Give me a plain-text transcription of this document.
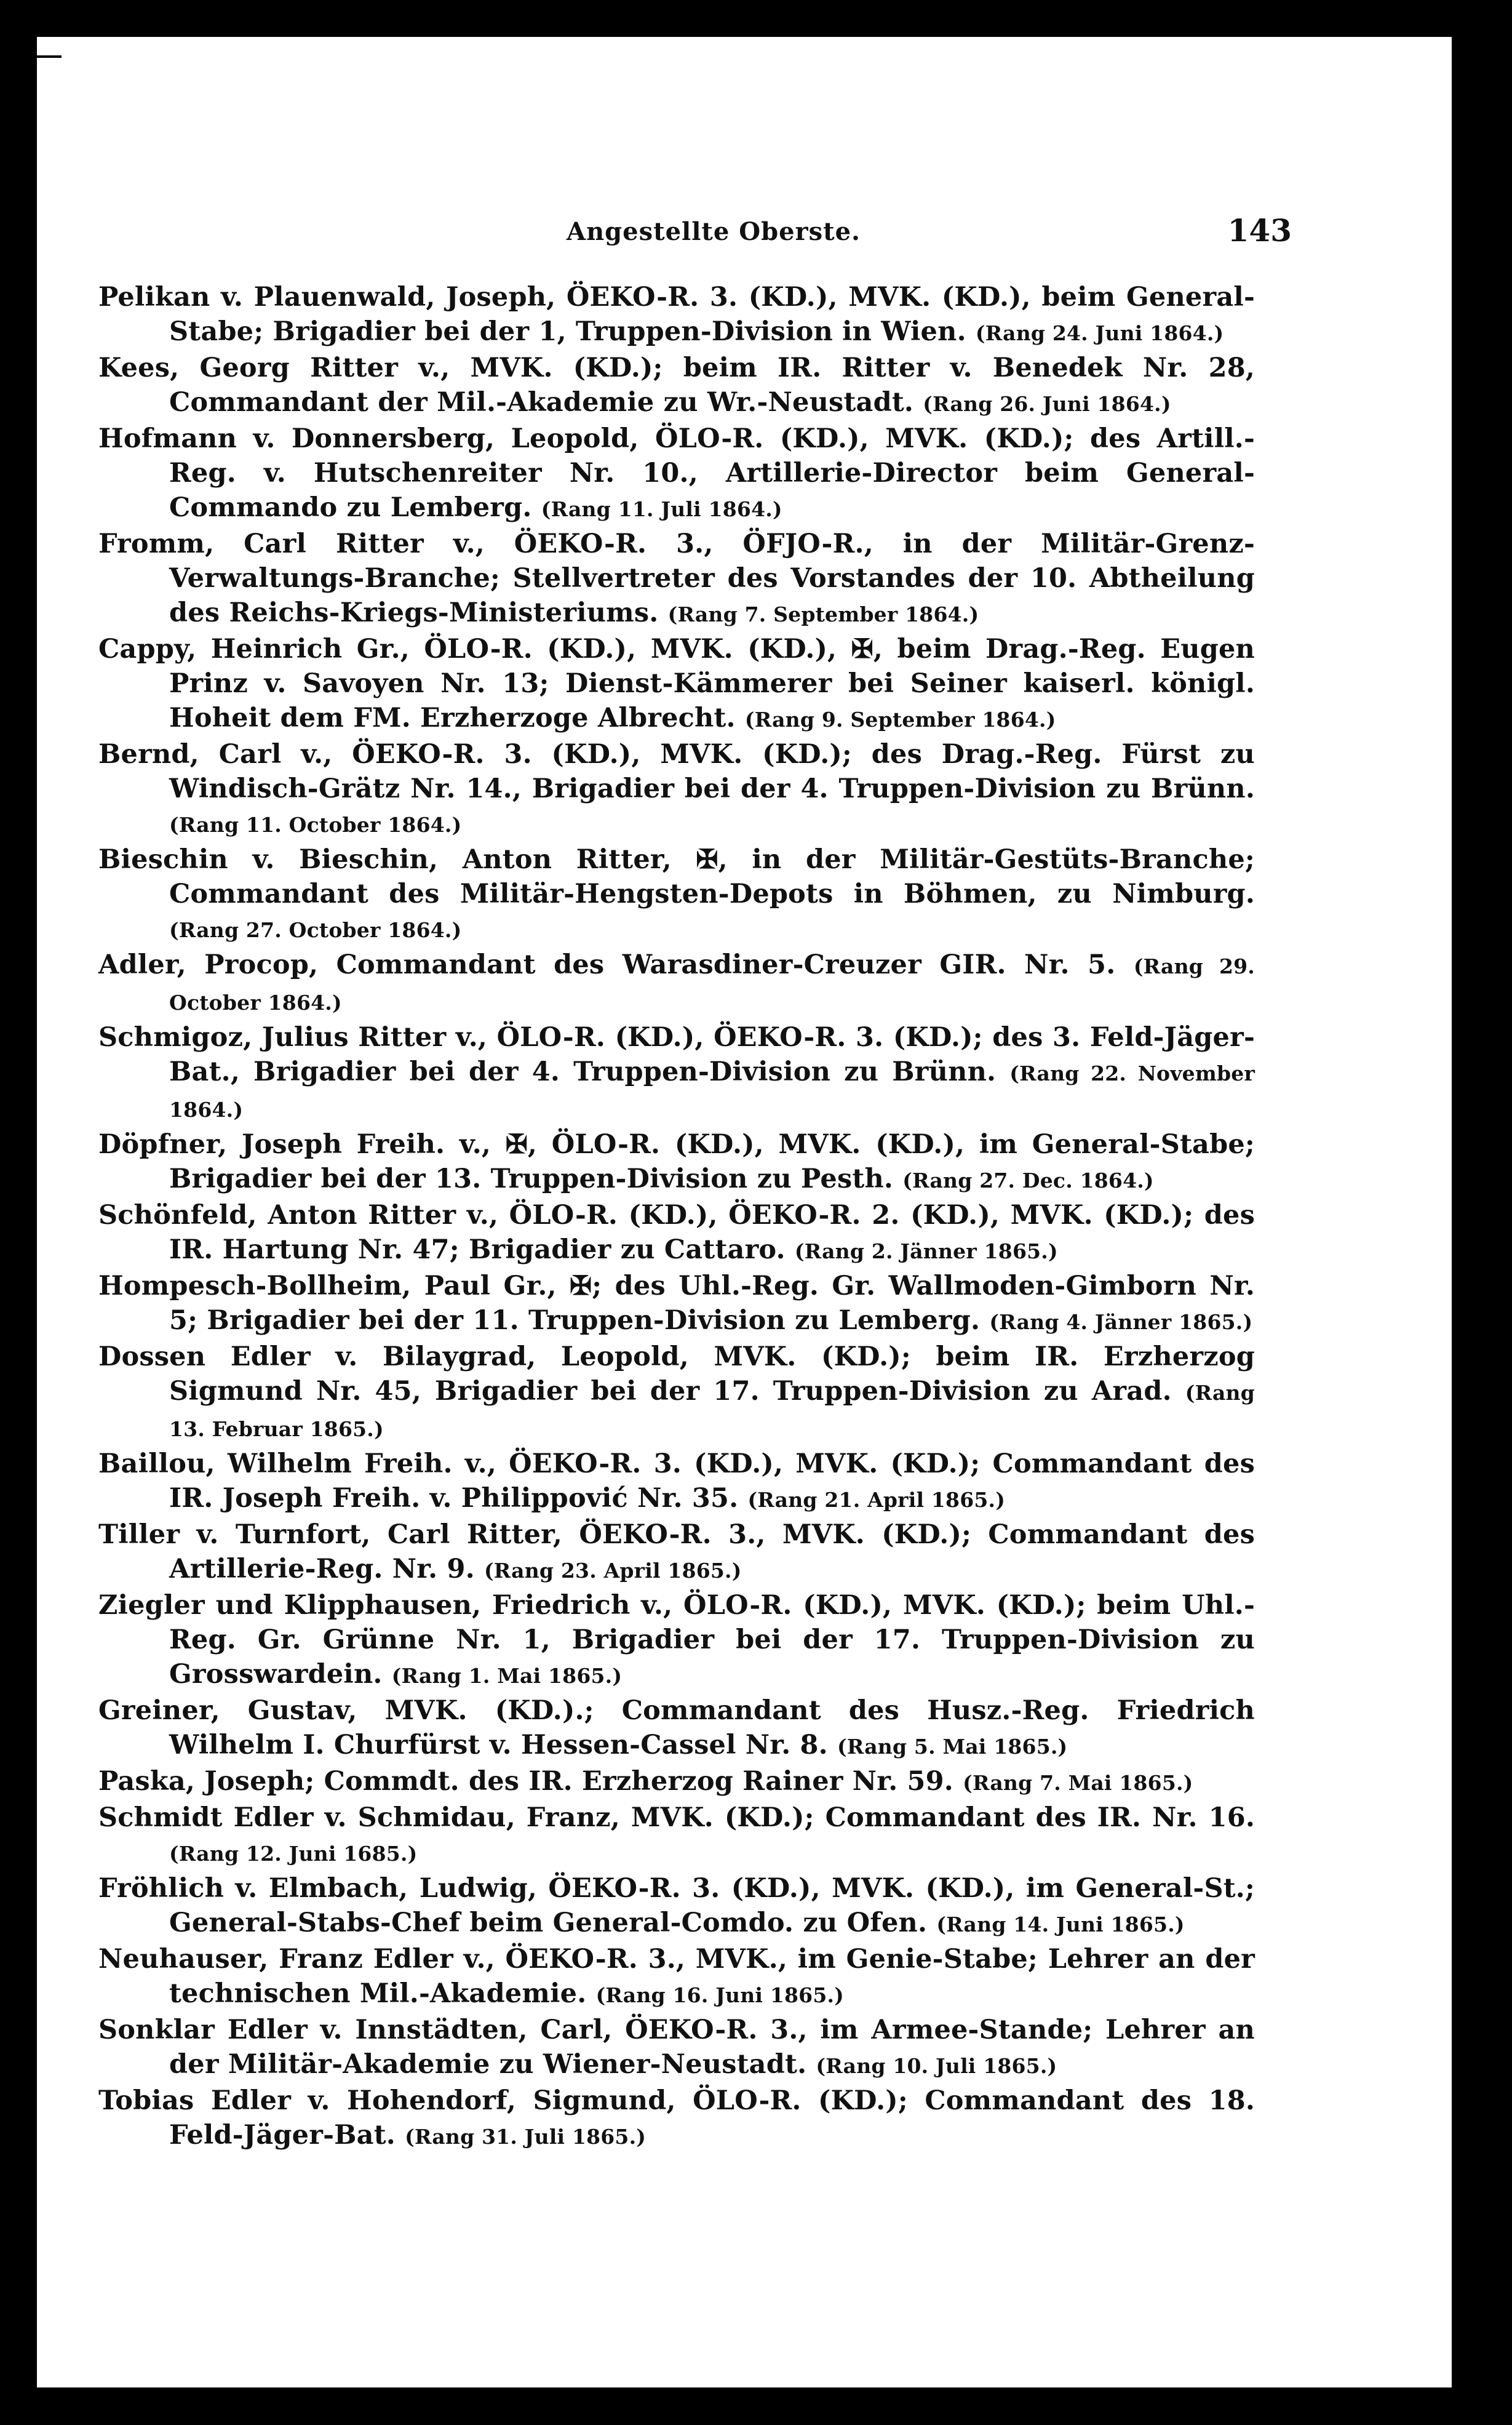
Angestellte Oberste.	143

Pelikan v. Plauenwald, Joseph, ÖEKO-R. 3. (KD.), MVK. (KD.), beim General-Stabe; Brigadier bei der 1, Truppen-Division in Wien. (Rang 24. Juni 1864.)

Kees, Georg Ritter v., MVK. (KD.); beim IR. Ritter v. Benedek Nr. 28, Commandant der Mil.-Akademie zu Wr.-Neustadt. (Rang 26. Juni 1864.)

Hofmann v. Donnersberg, Leopold, ÖLO-R. (KD.), MVK. (KD.); des Artill.-Reg. v. Hutschenreiter Nr. 10., Artillerie-Director beim General-Commando zu Lemberg. (Rang 11. Juli 1864.)

Fromm, Carl Ritter v., ÖEKO-R. 3., ÖFJO-R., in der Militär-Grenz-Verwaltungs-Branche; Stellvertreter des Vorstandes der 10. Abtheilung des Reichs-Kriegs-Ministeriums. (Rang 7. September 1864.)

Cappy, Heinrich Gr., ÖLO-R. (KD.), MVK. (KD.), ✠, beim Drag.-Reg. Eugen Prinz v. Savoyen Nr. 13; Dienst-Kämmerer bei Seiner kaiserl. königl. Hoheit dem FM. Erzherzoge Albrecht. (Rang 9. September 1864.)

Bernd, Carl v., ÖEKO-R. 3. (KD.), MVK. (KD.); des Drag.-Reg. Fürst zu Windisch-Grätz Nr. 14., Brigadier bei der 4. Truppen-Division zu Brünn. (Rang 11. October 1864.)

Bieschin v. Bieschin, Anton Ritter, ✠, in der Militär-Gestüts-Branche; Commandant des Militär-Hengsten-Depots in Böhmen, zu Nimburg. (Rang 27. October 1864.)

Adler, Procop, Commandant des Warasdiner-Creuzer GIR. Nr. 5. (Rang 29. October 1864.)

Schmigoz, Julius Ritter v., ÖLO-R. (KD.), ÖEKO-R. 3. (KD.); des 3. Feld-Jäger-Bat., Brigadier bei der 4. Truppen-Division zu Brünn. (Rang 22. November 1864.)

Döpfner, Joseph Freih. v., ✠, ÖLO-R. (KD.), MVK. (KD.), im General-Stabe; Brigadier bei der 13. Truppen-Division zu Pesth. (Rang 27. Dec. 1864.)

Schönfeld, Anton Ritter v., ÖLO-R. (KD.), ÖEKO-R. 2. (KD.), MVK. (KD.); des IR. Hartung Nr. 47; Brigadier zu Cattaro. (Rang 2. Jänner 1865.)

Hompesch-Bollheim, Paul Gr., ✠; des Uhl.-Reg. Gr. Wallmoden-Gimborn Nr. 5; Brigadier bei der 11. Truppen-Division zu Lemberg. (Rang 4. Jänner 1865.)

Dossen Edler v. Bilaygrad, Leopold, MVK. (KD.); beim IR. Erzherzog Sigmund Nr. 45, Brigadier bei der 17. Truppen-Division zu Arad. (Rang 13. Februar 1865.)

Baillou, Wilhelm Freih. v., ÖEKO-R. 3. (KD.), MVK. (KD.); Commandant des IR. Joseph Freih. v. Philippović Nr. 35. (Rang 21. April 1865.)

Tiller v. Turnfort, Carl Ritter, ÖEKO-R. 3., MVK. (KD.); Commandant des Artillerie-Reg. Nr. 9. (Rang 23. April 1865.)

Ziegler und Klipphausen, Friedrich v., ÖLO-R. (KD.), MVK. (KD.); beim Uhl.-Reg. Gr. Grünne Nr. 1, Brigadier bei der 17. Truppen-Division zu Grosswardein. (Rang 1. Mai 1865.)

Greiner, Gustav, MVK. (KD.).; Commandant des Husz.-Reg. Friedrich Wilhelm I. Churfürst v. Hessen-Cassel Nr. 8. (Rang 5. Mai 1865.)

Paska, Joseph; Commdt. des IR. Erzherzog Rainer Nr. 59. (Rang 7. Mai 1865.)

Schmidt Edler v. Schmidau, Franz, MVK. (KD.); Commandant des IR. Nr. 16. (Rang 12. Juni 1685.)

Fröhlich v. Elmbach, Ludwig, ÖEKO-R. 3. (KD.), MVK. (KD.), im General-St.; General-Stabs-Chef beim General-Comdo. zu Ofen. (Rang 14. Juni 1865.)

Neuhauser, Franz Edler v., ÖEKO-R. 3., MVK., im Genie-Stabe; Lehrer an der technischen Mil.-Akademie. (Rang 16. Juni 1865.)

Sonklar Edler v. Innstädten, Carl, ÖEKO-R. 3., im Armee-Stande; Lehrer an der Militär-Akademie zu Wiener-Neustadt. (Rang 10. Juli 1865.)

Tobias Edler v. Hohendorf, Sigmund, ÖLO-R. (KD.); Commandant des 18. Feld-Jäger-Bat. (Rang 31. Juli 1865.)
